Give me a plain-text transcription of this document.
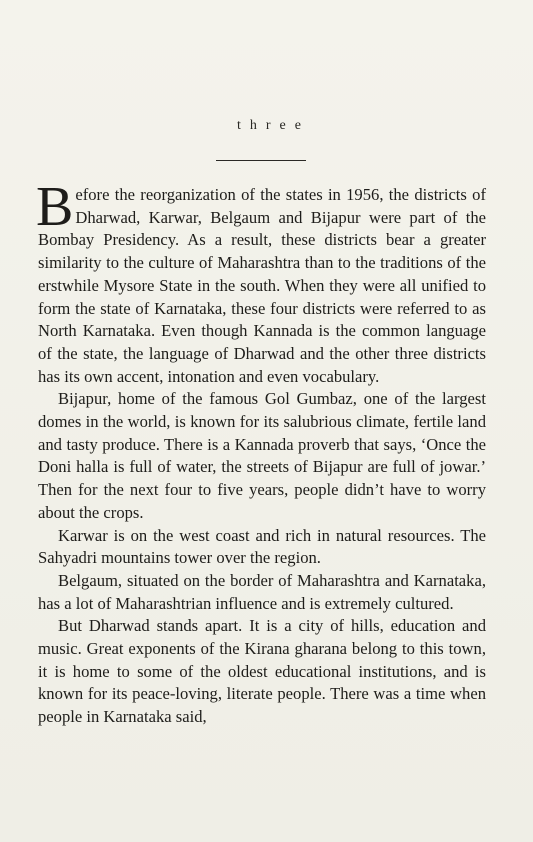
three

Before the reorganization of the states in 1956, the districts of Dharwad, Karwar, Belgaum and Bijapur were part of the Bombay Presidency. As a result, these districts bear a greater similarity to the culture of Maharashtra than to the traditions of the erstwhile Mysore State in the south. When they were all unified to form the state of Karnataka, these four districts were referred to as North Karnataka. Even though Kannada is the common language of the state, the language of Dharwad and the other three districts has its own accent, intonation and even vocabulary.

Bijapur, home of the famous Gol Gumbaz, one of the largest domes in the world, is known for its salubrious climate, fertile land and tasty produce. There is a Kannada proverb that says, ‘Once the Doni halla is full of water, the streets of Bijapur are full of jowar.’ Then for the next four to five years, people didn’t have to worry about the crops.

Karwar is on the west coast and rich in natural resources. The Sahyadri mountains tower over the region.

Belgaum, situated on the border of Maharashtra and Karnataka, has a lot of Maharashtrian influence and is extremely cultured.

But Dharwad stands apart. It is a city of hills, education and music. Great exponents of the Kirana gharana belong to this town, it is home to some of the oldest educational institutions, and is known for its peace-loving, literate people. There was a time when people in Karnataka said,
